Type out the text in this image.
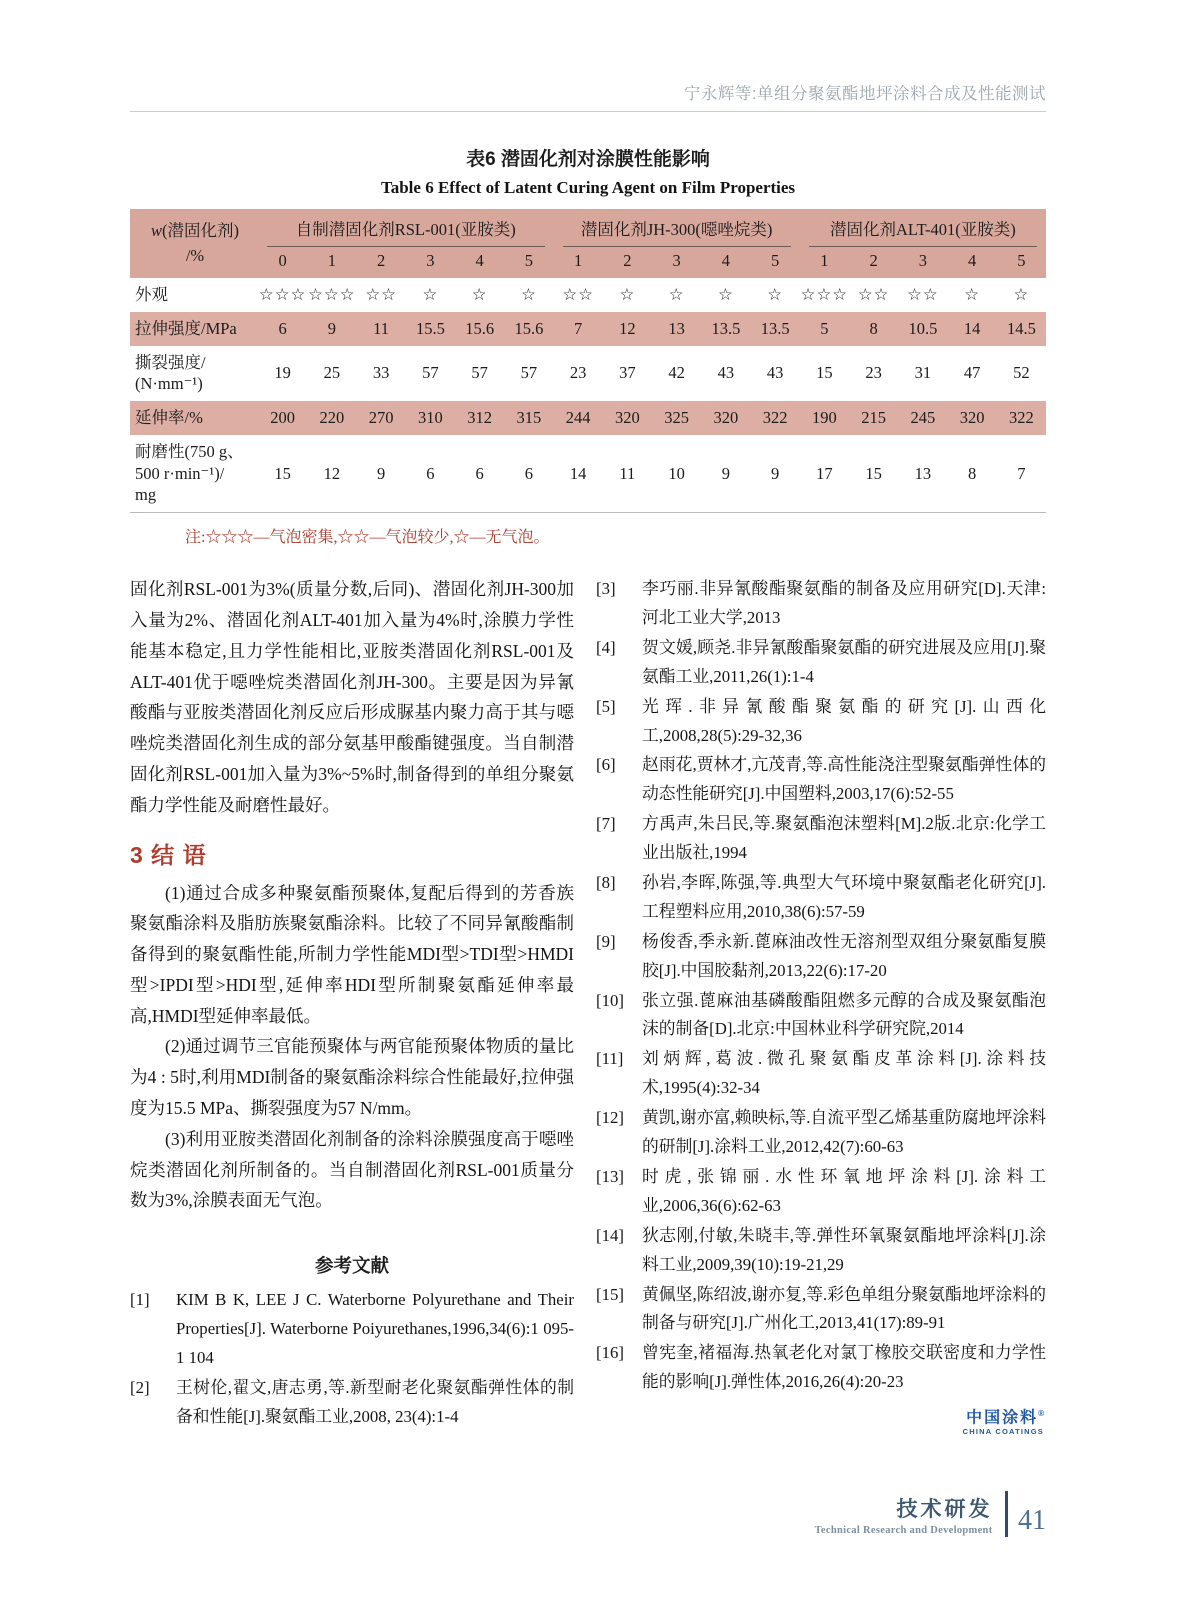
宁永辉等:单组分聚氨酯地坪涂料合成及性能测试
表6 潜固化剂对涂膜性能影响
Table 6 Effect of Latent Curing Agent on Film Properties
w(潜固化剂)
/%	自制潜固化剂RSL-001(亚胺类)						潜固化剂JH-300(噁唑烷类)					潜固化剂ALT-401(亚胺类)				

	0	1	2	3	4	5	1	2	3	4	5	1	2	3	4	5
外观	☆☆☆	☆☆☆	☆☆	☆	☆	☆	☆☆	☆	☆	☆	☆	☆☆☆	☆☆	☆☆	☆	☆
拉伸强度/MPa	6	9	11	15.5	15.6	15.6	7	12	13	13.5	13.5	5	8	10.5	14	14.5
撕裂强度/
(N·mm⁻¹)	19	25	33	57	57	57	23	37	42	43	43	15	23	31	47	52
延伸率/%	200	220	270	310	312	315	244	320	325	320	322	190	215	245	320	322
耐磨性(750 g、
500 r·min⁻¹)/
mg	15	12	9	6	6	6	14	11	10	9	9	17	15	13	8	7
注:☆☆☆—气泡密集,☆☆—气泡较少,☆—无气泡。

固化剂RSL-001为3%(质量分数,后同)、潜固化剂JH-300加入量为2%、潜固化剂ALT-401加入量为4%时,涂膜力学性能基本稳定,且力学性能相比,亚胺类潜固化剂RSL-001及ALT-401优于噁唑烷类潜固化剂JH-300。主要是因为异氰酸酯与亚胺类潜固化剂反应后形成脲基内聚力高于其与噁唑烷类潜固化剂生成的部分氨基甲酸酯键强度。当自制潜固化剂RSL-001加入量为3%~5%时,制备得到的单组分聚氨酯力学性能及耐磨性最好。

3 结 语

(1)通过合成多种聚氨酯预聚体,复配后得到的芳香族聚氨酯涂料及脂肪族聚氨酯涂料。比较了不同异氰酸酯制备得到的聚氨酯性能,所制力学性能MDI型>TDI型>HMDI型>IPDI型>HDI型,延伸率HDI型所制聚氨酯延伸率最高,HMDI型延伸率最低。

(2)通过调节三官能预聚体与两官能预聚体物质的量比为4 : 5时,利用MDI制备的聚氨酯涂料综合性能最好,拉伸强度为15.5 MPa、撕裂强度为57 N/mm。

(3)利用亚胺类潜固化剂制备的涂料涂膜强度高于噁唑烷类潜固化剂所制备的。当自制潜固化剂RSL-001质量分数为3%,涂膜表面无气泡。

参考文献
[1] KIM B K, LEE J C. Waterborne Polyurethane and Their Properties[J]. Waterborne Poiyurethanes,1996,34(6):1 095-1 104
[2] 王树伦,翟文,唐志勇,等.新型耐老化聚氨酯弹性体的制备和性能[J].聚氨酯工业,2008, 23(4):1-4
[3] 李巧丽.非异氰酸酯聚氨酯的制备及应用研究[D].天津:河北工业大学,2013
[4] 贺文媛,顾尧.非异氰酸酯聚氨酯的研究进展及应用[J].聚氨酯工业,2011,26(1):1-4
[5] 光珲.非异氰酸酯聚氨酯的研究[J].山西化工,2008,28(5):29-32,36
[6] 赵雨花,贾林才,亢茂青,等.高性能浇注型聚氨酯弹性体的动态性能研究[J].中国塑料,2003,17(6):52-55
[7] 方禹声,朱吕民,等.聚氨酯泡沫塑料[M].2版.北京:化学工业出版社,1994
[8] 孙岩,李晖,陈强,等.典型大气环境中聚氨酯老化研究[J].工程塑料应用,2010,38(6):57-59
[9] 杨俊香,季永新.蓖麻油改性无溶剂型双组分聚氨酯复膜胶[J].中国胶黏剂,2013,22(6):17-20
[10] 张立强.蓖麻油基磷酸酯阻燃多元醇的合成及聚氨酯泡沫的制备[D].北京:中国林业科学研究院,2014
[11] 刘炳辉,葛波.微孔聚氨酯皮革涂料[J].涂料技术,1995(4):32-34
[12] 黄凯,谢亦富,赖映标,等.自流平型乙烯基重防腐地坪涂料的研制[J].涂料工业,2012,42(7):60-63
[13] 时虎,张锦丽.水性环氧地坪涂料[J].涂料工业,2006,36(6):62-63
[14] 狄志刚,付敏,朱晓丰,等.弹性环氧聚氨酯地坪涂料[J].涂料工业,2009,39(10):19-21,29
[15] 黄佩坚,陈绍波,谢亦复,等.彩色单组分聚氨酯地坪涂料的制备与研究[J].广州化工,2013,41(17):89-91
[16] 曾宪奎,褚福海.热氧老化对氯丁橡胶交联密度和力学性能的影响[J].弹性体,2016,26(4):20-23
中国涂料®
CHINA COATINGS
技术研发
Technical Research and Development 41
